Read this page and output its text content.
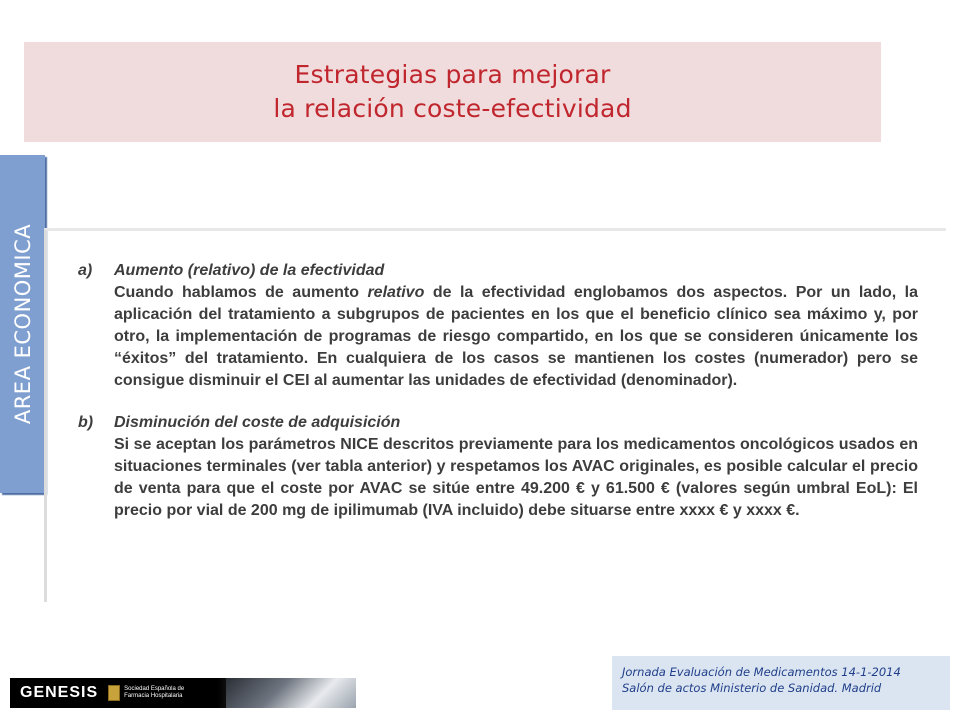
Estrategias para mejorar
la relación coste-efectividad
AREA ECONOMICA	a) Aumento (relativo) de la efectividad
Cuando hablamos de aumento relativo de la efectividad englobamos dos aspectos. Por un lado, la aplicación del tratamiento a subgrupos de pacientes en los que el beneficio clínico sea máximo y, por otro, la implementación de programas de riesgo compartido, en los que se consideren únicamente los “éxitos” del tratamiento. En cualquiera de los casos se mantienen los costes (numerador) pero se consigue disminuir el CEI al aumentar las unidades de efectividad (denominador).
b) Disminución del coste de adquisición
Si se aceptan los parámetros NICE descritos previamente para los medicamentos oncológicos usados en situaciones terminales (ver tabla anterior) y respetamos los AVAC originales, es posible calcular el precio de venta para que el coste por AVAC se sitúe entre 49.200 € y 61.500 € (valores según umbral EoL): El precio por vial de 200 mg de ipilimumab (IVA incluido) debe situarse entre xxxx € y xxxx €.
GENESIS	Sociedad Española de
Farmacia Hospitalaria
Jornada Evaluación de Medicamentos 14-1-2014
Salón de actos Ministerio de Sanidad. Madrid
